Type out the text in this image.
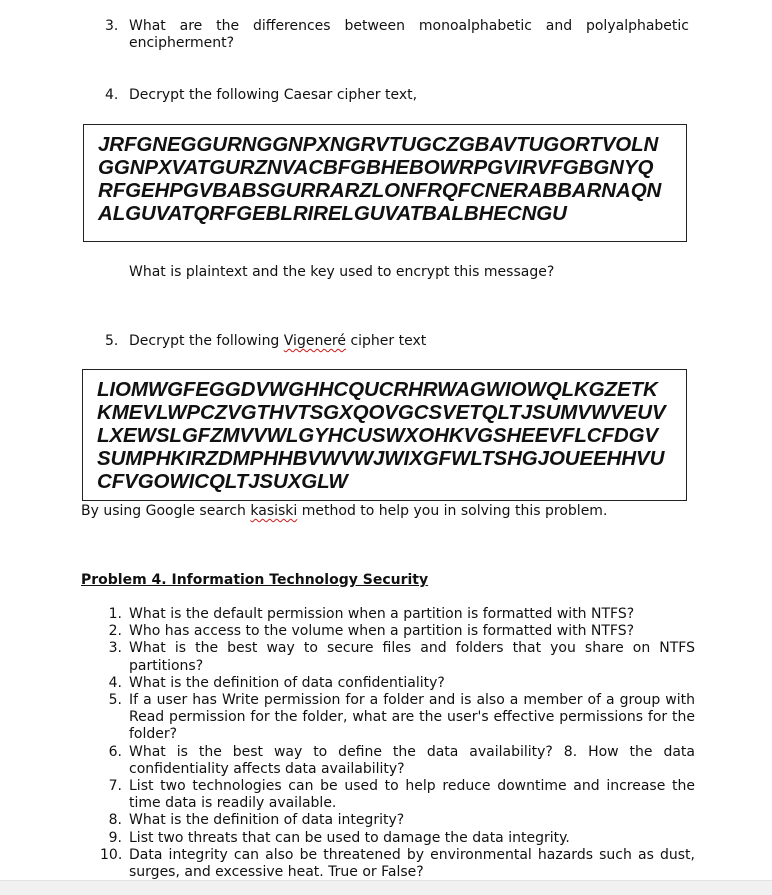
3. What are the differences between monoalphabetic and polyalphabetic
encipherment?
4. Decrypt the following Caesar cipher text,
JRFGNEGGURNGGNPXNGRVTUGCZGBAVTUGORTVOLN
GGNPXVATGURZNVACBFGBHEBOWRPGVIRVFGBGNYQ
RFGEHPGVBABSGURRARZLONFRQFCNERABBARNAQN
ALGUVATQRFGEBLRIRELGUVATBALBHECNGU
What is plaintext and the key used to encrypt this message?
5. Decrypt the following Vigeneré cipher text
LIOMWGFEGGDVWGHHCQUCRHRWAGWIOWQLKGZETK
KMEVLWPCZVGTHVTSGXQOVGCSVETQLTJSUMVWVEUV
LXEWSLGFZMVVWLGYHCUSWXOHKVGSHEEVFLCFDGV
SUMPHKIRZDMPHHBVWVWJWIXGFWLTSHGJOUEEHHVU
CFVGOWICQLTJSUXGLW
By using Google search kasiski method to help you in solving this problem.
Problem 4. Information Technology Security
1. What is the default permission when a partition is formatted with NTFS?
2. Who has access to the volume when a partition is formatted with NTFS?
3. What is the best way to secure files and folders that you share on NTFS partitions?
4. What is the definition of data confidentiality?
5. If a user has Write permission for a folder and is also a member of a group with Read permission for the folder, what are the user's effective permissions for the folder?
6. What is the best way to define the data availability? 8. How the data confidentiality affects data availability?
7. List two technologies can be used to help reduce downtime and increase the time data is readily available.
8. What is the definition of data integrity?
9. List two threats that can be used to damage the data integrity.
10. Data integrity can also be threatened by environmental hazards such as dust, surges, and excessive heat. True or False?
